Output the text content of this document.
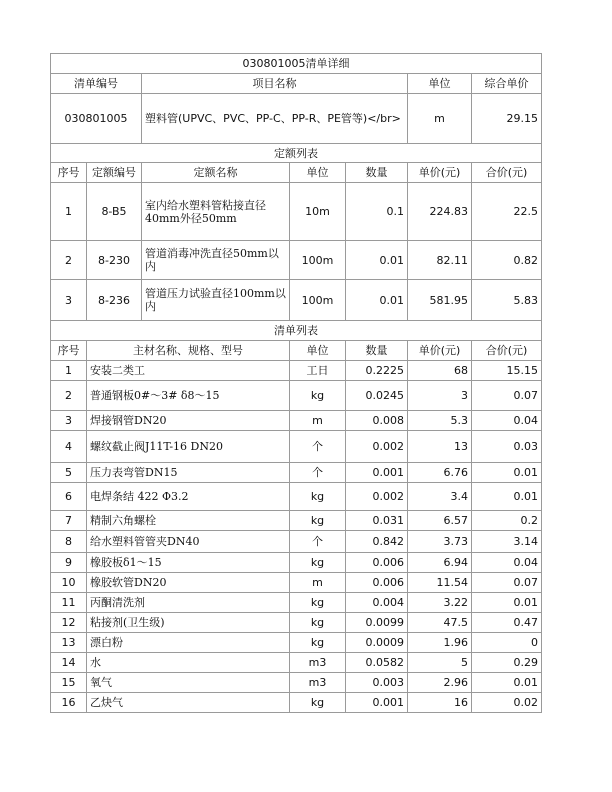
030801005清单详细						
清单编号		项目名称			单位	综合单价
030801005		塑料管(UPVC、PVC、PP-C、PP-R、PE管等)</br>			m	29.15
定额列表						
序号	定额编号	定额名称	单位	数量	单价(元)	合价(元)
1	8-B5	室内给水塑料管粘接直径40mm外径50mm	10m	0.1	224.83	22.5
2	8-230	管道消毒冲洗直径50mm以内	100m	0.01	82.11	0.82
3	8-236	管道压力试验直径100mm以内	100m	0.01	581.95	5.83
清单列表						
序号	主材名称、规格、型号		单位	数量	单价(元)	合价(元)
1	安装二类工		工日	0.2225	68	15.15
2	普通钢板0#～3# δ8～15		kg	0.0245	3	0.07
3	焊接钢管DN20		m	0.008	5.3	0.04
4	螺纹截止阀J11T-16 DN20		个	0.002	13	0.03
5	压力表弯管DN15		个	0.001	6.76	0.01
6	电焊条结 422 Φ3.2		kg	0.002	3.4	0.01
7	精制六角螺栓		kg	0.031	6.57	0.2
8	给水塑料管管夹DN40		个	0.842	3.73	3.14
9	橡胶板δ1～15		kg	0.006	6.94	0.04
10	橡胶软管DN20		m	0.006	11.54	0.07
11	丙酮清洗剂		kg	0.004	3.22	0.01
12	粘接剂(卫生级)		kg	0.0099	47.5	0.47
13	漂白粉		kg	0.0009	1.96	0
14	水		m3	0.0582	5	0.29
15	氧气		m3	0.003	2.96	0.01
16	乙炔气		kg	0.001	16	0.02
